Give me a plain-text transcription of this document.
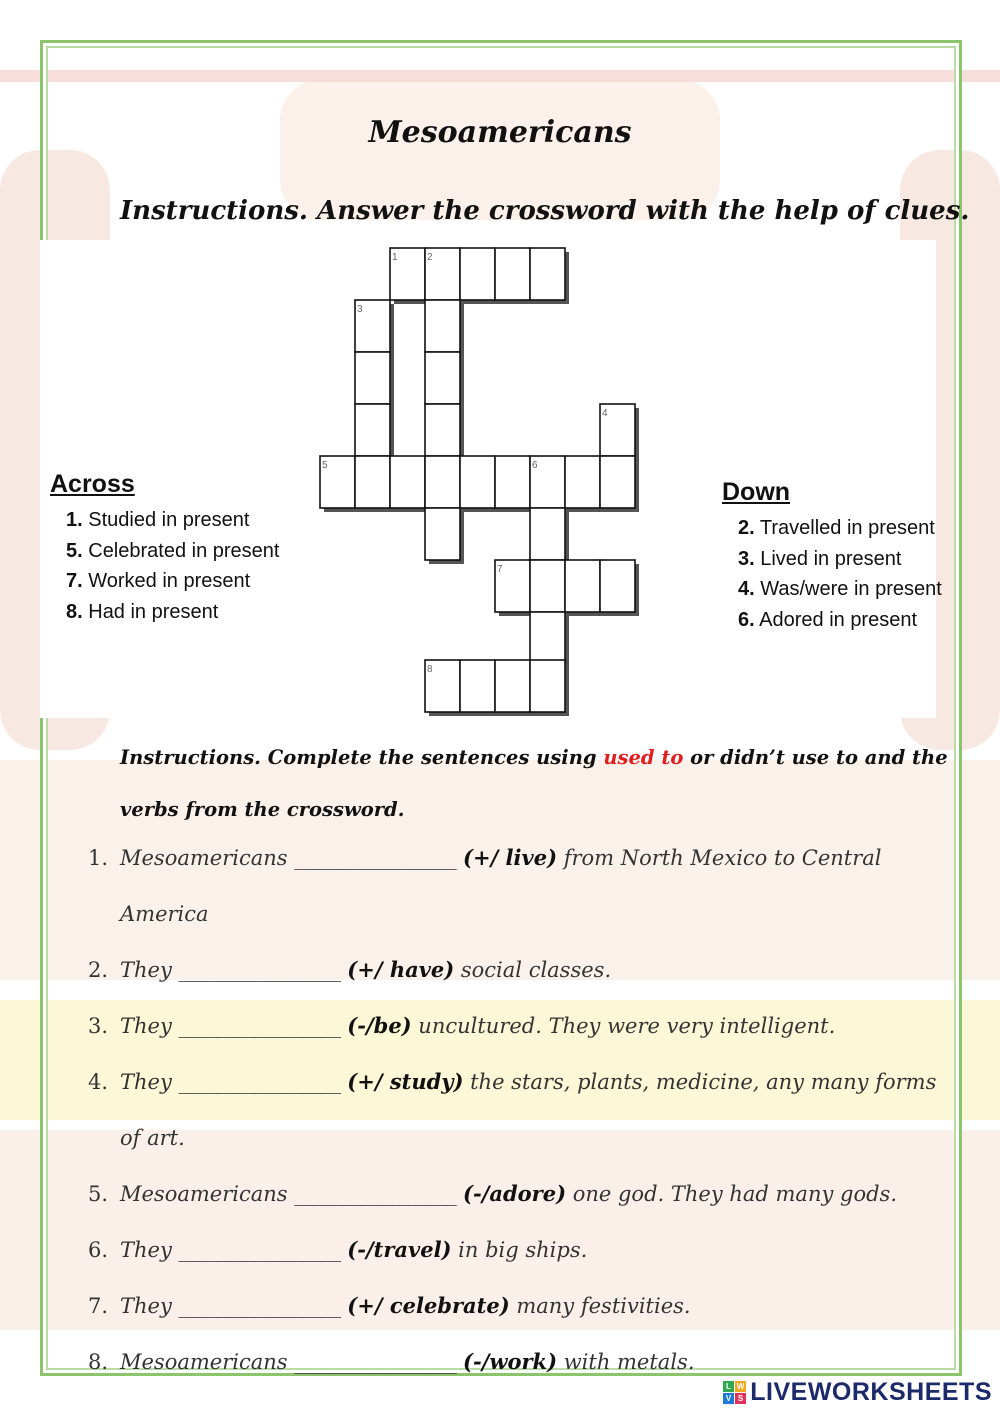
Mesoamericans
Instructions. Answer the crossword with the help of clues.
1	2
3
4
5	6
7
8
Across
1. Studied in present
5. Celebrated in present
7. Worked in present
8. Had in present
Down
2. Travelled in present
3. Lived in present
4. Was/were in present
6. Adored in present
Instructions. Complete the sentences using used to or didn’t use to and the verbs from the crossword.
1. Mesoamericans _________________ (+/ live) from North Mexico to Central America
2. They _________________ (+/ have) social classes.
3. They _________________ (-/be) uncultured. They were very intelligent.
4. They _________________ (+/ study) the stars, plants, medicine, any many forms of art.
5. Mesoamericans _________________ (-/adore) one god. They had many gods.
6. They _________________ (-/travel) in big ships.
7. They _________________ (+/ celebrate) many festivities.
8. Mesoamericans _________________ (-/work) with metals.
L W
V S LIVEWORKSHEETS
